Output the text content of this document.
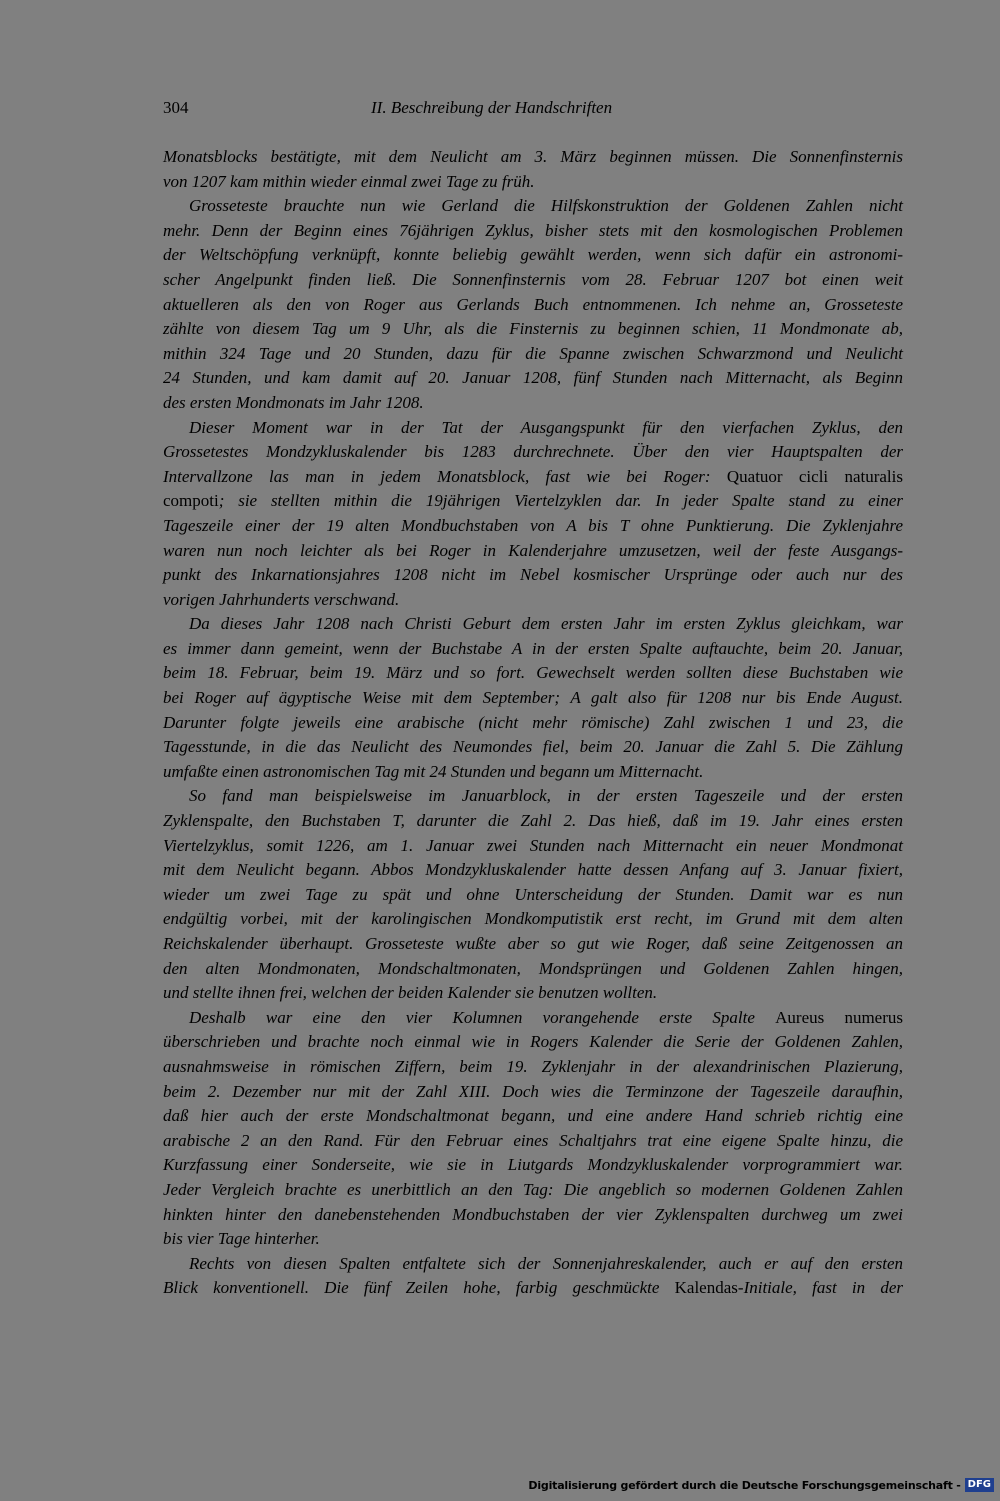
304	II. Beschreibung der Handschriften
Monatsblocks bestätigte, mit dem Neulicht am 3. März beginnen müssen. Die Sonnenfinsternis
von 1207 kam mithin wieder einmal zwei Tage zu früh.
Grosseteste brauchte nun wie Gerland die Hilfskonstruktion der Goldenen Zahlen nicht
mehr. Denn der Beginn eines 76jährigen Zyklus, bisher stets mit den kosmologischen Problemen
der Weltschöpfung verknüpft, konnte beliebig gewählt werden, wenn sich dafür ein astronomi-
scher Angelpunkt finden ließ. Die Sonnenfinsternis vom 28. Februar 1207 bot einen weit
aktuelleren als den von Roger aus Gerlands Buch entnommenen. Ich nehme an, Grosseteste
zählte von diesem Tag um 9 Uhr, als die Finsternis zu beginnen schien, 11 Mondmonate ab,
mithin 324 Tage und 20 Stunden, dazu für die Spanne zwischen Schwarzmond und Neulicht
24 Stunden, und kam damit auf 20. Januar 1208, fünf Stunden nach Mitternacht, als Beginn
des ersten Mondmonats im Jahr 1208.
Dieser Moment war in der Tat der Ausgangspunkt für den vierfachen Zyklus, den
Grossetestes Mondzykluskalender bis 1283 durchrechnete. Über den vier Hauptspalten der
Intervallzone las man in jedem Monatsblock, fast wie bei Roger: Quatuor cicli naturalis
compoti; sie stellten mithin die 19jährigen Viertelzyklen dar. In jeder Spalte stand zu einer
Tageszeile einer der 19 alten Mondbuchstaben von A bis T ohne Punktierung. Die Zyklenjahre
waren nun noch leichter als bei Roger in Kalenderjahre umzusetzen, weil der feste Ausgangs-
punkt des Inkarnationsjahres 1208 nicht im Nebel kosmischer Ursprünge oder auch nur des
vorigen Jahrhunderts verschwand.
Da dieses Jahr 1208 nach Christi Geburt dem ersten Jahr im ersten Zyklus gleichkam, war
es immer dann gemeint, wenn der Buchstabe A in der ersten Spalte auftauchte, beim 20. Januar,
beim 18. Februar, beim 19. März und so fort. Gewechselt werden sollten diese Buchstaben wie
bei Roger auf ägyptische Weise mit dem September; A galt also für 1208 nur bis Ende August.
Darunter folgte jeweils eine arabische (nicht mehr römische) Zahl zwischen 1 und 23, die
Tagesstunde, in die das Neulicht des Neumondes fiel, beim 20. Januar die Zahl 5. Die Zählung
umfaßte einen astronomischen Tag mit 24 Stunden und begann um Mitternacht.
So fand man beispielsweise im Januarblock, in der ersten Tageszeile und der ersten
Zyklenspalte, den Buchstaben T, darunter die Zahl 2. Das hieß, daß im 19. Jahr eines ersten
Viertelzyklus, somit 1226, am 1. Januar zwei Stunden nach Mitternacht ein neuer Mondmonat
mit dem Neulicht begann. Abbos Mondzykluskalender hatte dessen Anfang auf 3. Januar fixiert,
wieder um zwei Tage zu spät und ohne Unterscheidung der Stunden. Damit war es nun
endgültig vorbei, mit der karolingischen Mondkomputistik erst recht, im Grund mit dem alten
Reichskalender überhaupt. Grosseteste wußte aber so gut wie Roger, daß seine Zeitgenossen an
den alten Mondmonaten, Mondschaltmonaten, Mondsprüngen und Goldenen Zahlen hingen,
und stellte ihnen frei, welchen der beiden Kalender sie benutzen wollten.
Deshalb war eine den vier Kolumnen vorangehende erste Spalte Aureus numerus
überschrieben und brachte noch einmal wie in Rogers Kalender die Serie der Goldenen Zahlen,
ausnahmsweise in römischen Ziffern, beim 19. Zyklenjahr in der alexandrinischen Plazierung,
beim 2. Dezember nur mit der Zahl XIII. Doch wies die Terminzone der Tageszeile daraufhin,
daß hier auch der erste Mondschaltmonat begann, und eine andere Hand schrieb richtig eine
arabische 2 an den Rand. Für den Februar eines Schaltjahrs trat eine eigene Spalte hinzu, die
Kurzfassung einer Sonderseite, wie sie in Liutgards Mondzykluskalender vorprogrammiert war.
Jeder Vergleich brachte es unerbittlich an den Tag: Die angeblich so modernen Goldenen Zahlen
hinkten hinter den danebenstehenden Mondbuchstaben der vier Zyklenspalten durchweg um zwei
bis vier Tage hinterher.
Rechts von diesen Spalten entfaltete sich der Sonnenjahreskalender, auch er auf den ersten
Blick konventionell. Die fünf Zeilen hohe, farbig geschmückte Kalendas-Initiale, fast in der
Digitalisierung gefördert durch die Deutsche Forschungsgemeinschaft - DFG
